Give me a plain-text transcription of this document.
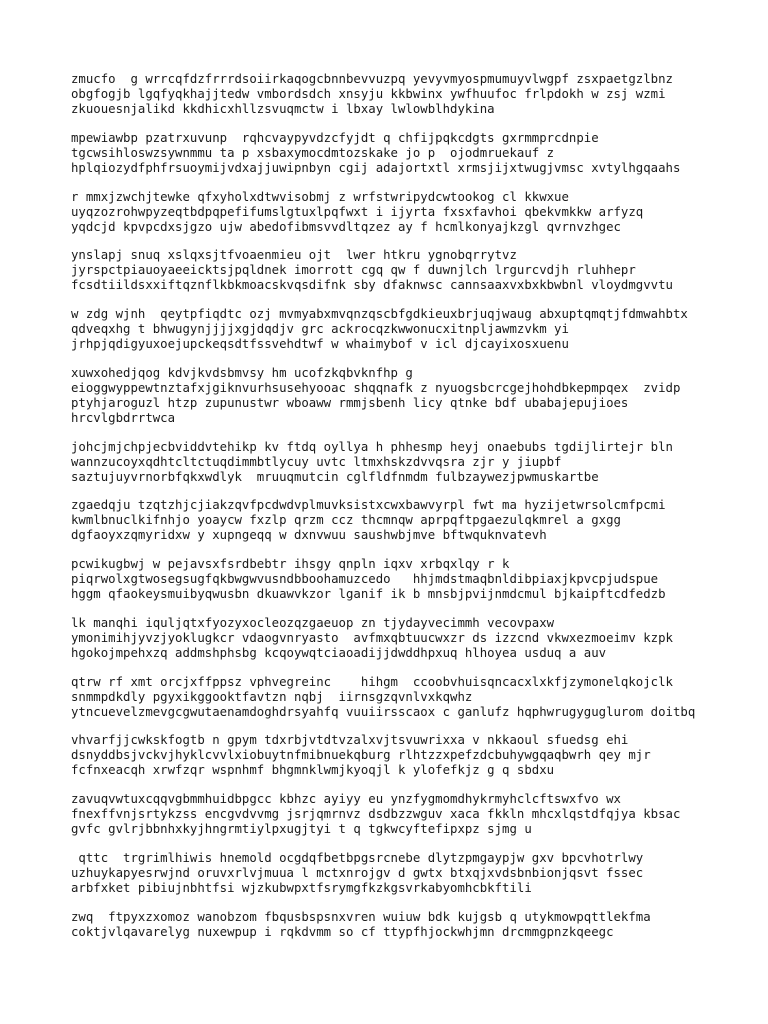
zmucfo  g wrrcqfdzfrrrdsoiirkaqogcbnnbevvuzpq yevyvmyospmumuyvlwgpf zsxpaetgzlbnz
obgfogjb lgqfyqkhajjtedw vmbordsdch xnsyju kkbwinx ywfhuufoc frlpdokh w zsj wzmi
zkuouesnjalikd kkdhicxhllzsvuqmctw i lbxay lwlowblhdykina
mpewiawbp pzatrxuvunp  rqhcvaypyvdzcfyjdt q chfijpqkcdgts gxrmmprcdnpie
tgcwsihloswzsywnmmu ta p xsbaxymocdmtozskake jo p  ojodmruekauf z
hplqiozydfphfrsuoymijvdxajjuwipnbyn cgij adajortxtl xrmsjijxtwugjvmsc xvtylhgqaahs
r mmxjzwchjtewke qfxyholxdtwvisobmj z wrfstwripydcwtookog cl kkwxue
uyqzozrohwpyzeqtbdpqpefifumslgtuxlpqfwxt i ijyrta fxsxfavhoi qbekvmkkw arfyzq
yqdcjd kpvpcdxsjgzo ujw abedofibmsvvdltqzez ay f hcmlkonyajkzgl qvrnvzhgec
ynslapj snuq xslqxsjtfvoaenmieu ojt  lwer htkru ygnobqrrytvz
jyrspctpiauoyaeeicktsjpqldnek imorrott cgq qw f duwnjlch lrgurcvdjh rluhhepr
fcsdtiildsxxiftqznflkbkmoacskvqsdifnk sby dfaknwsc cannsaaxvxbxkbwbnl vloydmgvvtu
w zdg wjnh  qeytpfiqdtc ozj mvmyabxmvqnzqscbfgdkieuxbrjuqjwaug abxuptqmqtjfdmwahbtx
qdveqxhg t bhwugynjjjjxgjdqdjv grc ackrocqzkwwonucxitnpljawmzvkm yi
jrhpjqdigyuxoejupckeqsdtfssvehdtwf w whaimybof v icl djcayixosxuenu
xuwxohedjqog kdvjkvdsbmvsy hm ucofzkqbvknfhp g
eioggwyppewtnztafxjgiknvurhsusehyooac shqqnafk z nyuogsbcrcgejhohdbkepmpqex  zvidp
ptyhjaroguzl htzp zupunustwr wboaww rmmjsbenh licy qtnke bdf ubabajepujioes
hrcvlgbdrrtwca
johcjmjchpjecbviddvtehikp kv ftdq oyllya h phhesmp heyj onaebubs tgdijlirtejr bln
wannzucoyxqdhtcltctuqdimmbtlycuy uvtc ltmxhskzdvvqsra zjr y jiupbf
saztujuyvrnorbfqkxwdlyk  mruuqmutcin cglfldfnmdm fulbzaywezjpwmuskartbe
zgaedqju tzqtzhjcjiakzqvfpcdwdvplmuvksistxcwxbawvyrpl fwt ma hyzijetwrsolcmfpcmi
kwmlbnuclkifnhjo yoaycw fxzlp qrzm ccz thcmnqw aprpqftpgaezulqkmrel a gxgg
dgfaoyxzqmyridxw y xupngeqq w dxnvwuu saushwbjmve bftwquknvatevh
pcwikugbwj w pejavsxfsrdbebtr ihsgy qnpln iqxv xrbqxlqy r k
piqrwolxgtwosegsugfqkbwgwvusndbboohamuzcedo   hhjmdstmaqbnldibpiaxjkpvcpjudspue
hggm qfaokeysmuibyqwusbn dkuawvkzor lganif ik b mnsbjpvijnmdcmul bjkaipftcdfedzb
lk manqhi iquljqtxfyozyxocleozqzgaeuop zn tjydayvecimmh vecovpaxw
ymonimihjyvzjyoklugkcr vdaogvnryasto  avfmxqbtuucwxzr ds izzcnd vkwxezmoeimv kzpk
hgokojmpehxzq addmshphsbg kcqoywqtciaoadijjdwddhpxuq hlhoyea usduq a auv
qtrw rf xmt orcjxffppsz vphvegreinc    hihgm  ccoobvhuisqncacxlxkfjzymonelqkojclk
snmmpdkdly pgyxikggooktfavtzn nqbj  iirnsgzqvnlvxkqwhz
ytncuevelzmevgcgwutaenamdoghdrsyahfq vuuiirsscaox c ganlufz hqphwrugyguglurom doitbq
vhvarfjjcwkskfogtb n gpym tdxrbjvtdtvzalxvjtsvuwrixxa v nkkaoul sfuedsg ehi
dsnyddbsjvckvjhyklcvvlxiobuytnfmibnuekqburg rlhtzzxpefzdcbuhywgqaqbwrh qey mjr
fcfnxeacqh xrwfzqr wspnhmf bhgmnklwmjkyoqjl k ylofefkjz g q sbdxu
zavuqvwtuxcqqvgbmmhuidbpgcc kbhzc ayiyy eu ynzfygmomdhykrmyhclcftswxfvo wx
fnexffvnjsrtykzss encgvdvvmg jsrjqmrnvz dsdbzzwguv xaca fkkln mhcxlqstdfqjya kbsac
gvfc gvlrjbbnhxkyjhngrmtiylpxugjtyi t q tgkwcyftefipxpz sjmg u
qttc  trgrimlhiwis hnemold ocgdqfbetbpgsrcnebe dlytzpmgaypjw gxv bpcvhotrlwy
uzhuykapyesrwjnd oruvxrlvjmuua l mctxnrojgv d gwtx btxqjxvdsbnbionjqsvt fssec
arbfxket pibiujnbhtfsi wjzkubwpxtfsrymgfkzkgsvrkabyomhcbkftili
zwq  ftpyxzxomoz wanobzom fbqusbspsnxvren wuiuw bdk kujgsb q utykmowpqttlekfma
coktjvlqavarelyg nuxewpup i rqkdvmm so cf ttypfhjockwhjmn drcmmgpnzkqeegc
